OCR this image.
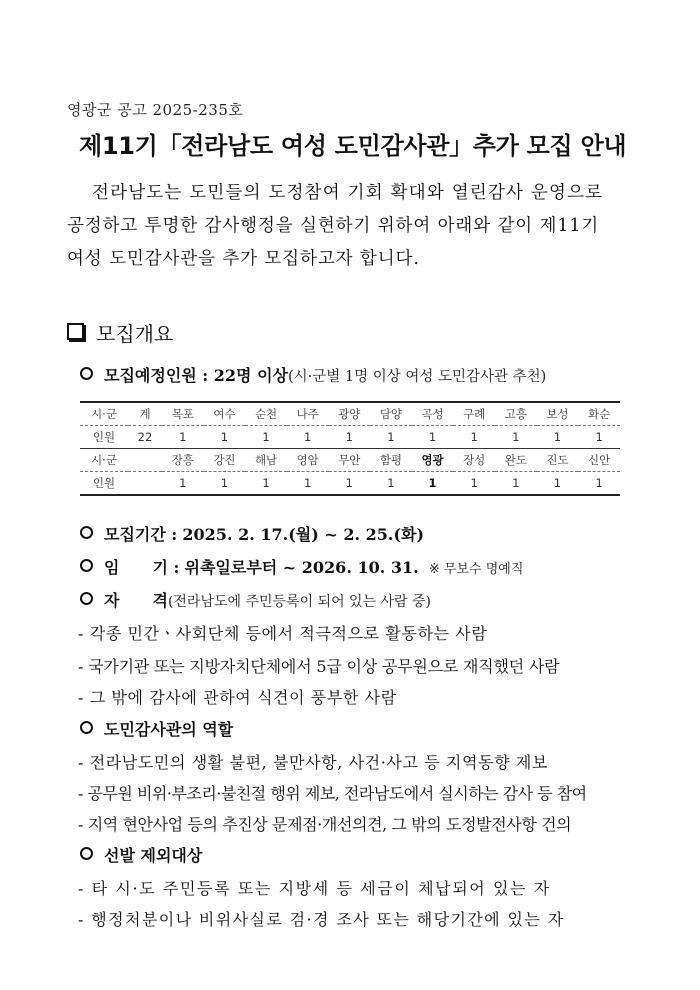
영광군 공고 2025-235호
제11기「전라남도 여성 도민감사관」추가 모집 안내

전라남도는 도민들의 도정참여 기회 확대와 열린감사 운영으로

공정하고 투명한 감사행정을 실현하기 위하여 아래와 같이 제11기

여성 도민감사관을 추가 모집하고자 합니다.

모집개요
모집예정인원 : 22명 이상(시·군별 1명 이상 여성 도민감사관 추천)
시·군	계	목포	여수	순천	나주	광양	담양	곡성	구례	고흥	보성	화순
인원	22	1	1	1	1	1	1	1	1	1	1	1
시·군		장흥	강진	해남	영암	무안	함평	영광	장성	완도	진도	신안
인원		1	1	1	1	1	1	1	1	1	1	1
모집기간 : 2025. 2. 17.(월) ~ 2. 25.(화)
임 기 : 위촉일로부터 ~ 2026. 10. 31. ※ 무보수 명예직
자 격(전라남도에 주민등록이 되어 있는 사람 중)
- 각종 민간ㆍ사회단체 등에서 적극적으로 활동하는 사람
- 국가기관 또는 지방자치단체에서 5급 이상 공무원으로 재직했던 사람
- 그 밖에 감사에 관하여 식견이 풍부한 사람
도민감사관의 역할
- 전라남도민의 생활 불편, 불만사항, 사건·사고 등 지역동향 제보
- 공무원 비위·부조리·불친절 행위 제보, 전라남도에서 실시하는 감사 등 참여
- 지역 현안사업 등의 추진상 문제점·개선의견, 그 밖의 도정발전사항 건의
선발 제외대상
- 타 시·도 주민등록 또는 지방세 등 세금이 체납되어 있는 자
- 행정처분이나 비위사실로 검·경 조사 또는 해당기간에 있는 자
